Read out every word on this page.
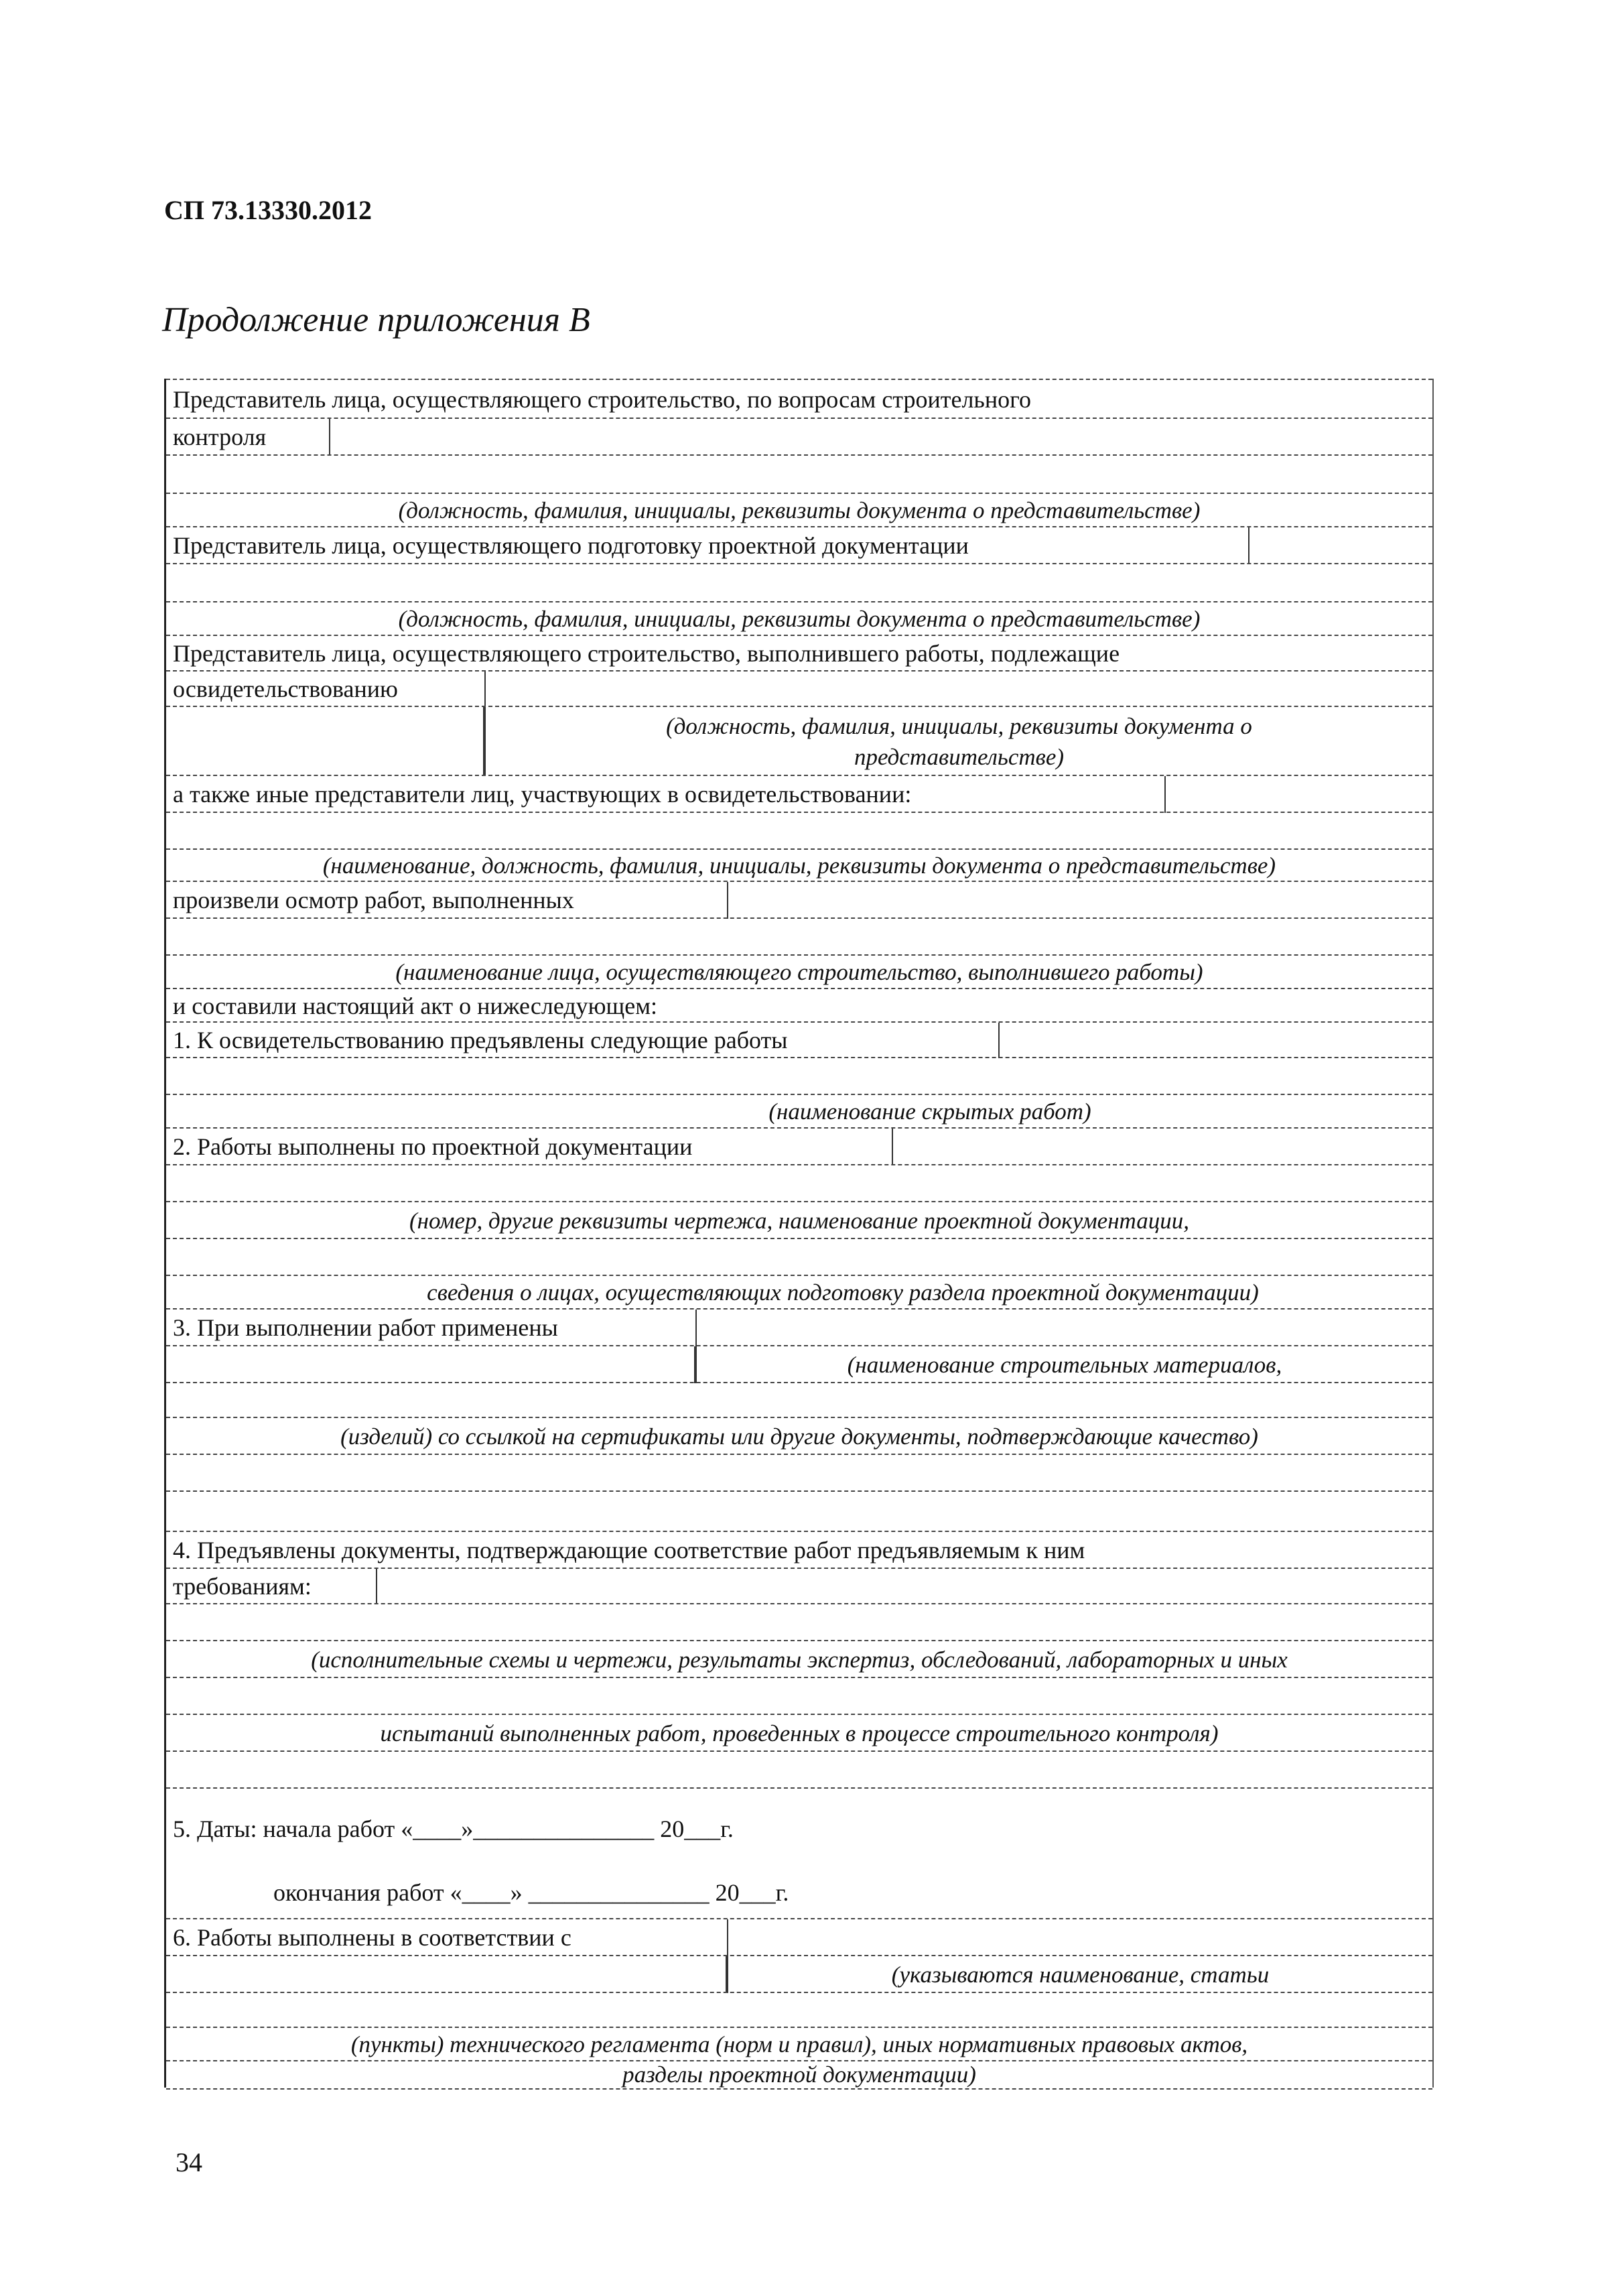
СП 73.13330.2012
Продолжение приложения В
Представитель лица, осуществляющего строительство, по вопросам строительного
контроля
(должность, фамилия, инициалы, реквизиты документа о представительстве)
Представитель лица, осуществляющего подготовку проектной документации
(должность, фамилия, инициалы, реквизиты документа о представительстве)
Представитель лица, осуществляющего строительство, выполнившего работы, подлежащие
освидетельствованию
(должность, фамилия, инициалы, реквизиты документа о
представительстве)
а также иные представители лиц, участвующих в освидетельствовании:
(наименование, должность, фамилия, инициалы, реквизиты документа о представительстве)
произвели осмотр работ, выполненных
(наименование лица, осуществляющего строительство, выполнившего работы)
и составили настоящий акт о нижеследующем:
1. К освидетельствованию предъявлены следующие работы
(наименование скрытых работ)
2. Работы выполнены по проектной документации
(номер, другие реквизиты чертежа, наименование проектной документации,
сведения о лицах, осуществляющих подготовку раздела проектной документации)
3. При выполнении работ применены
(наименование строительных материалов,
(изделий) со ссылкой на сертификаты или другие документы, подтверждающие качество)
4. Предъявлены документы, подтверждающие соответствие работ предъявляемым к ним
требованиям:
(исполнительные схемы и чертежи, результаты экспертиз, обследований, лабораторных и иных
испытаний выполненных работ, проведенных в процессе строительного контроля)
5. Даты: начала работ «____»_______________ 20___г.
окончания работ «____» _______________ 20___г.
6. Работы выполнены в соответствии с
(указываются наименование, статьи
(пункты) технического регламента (норм и правил), иных нормативных правовых актов,
разделы проектной документации)
34
